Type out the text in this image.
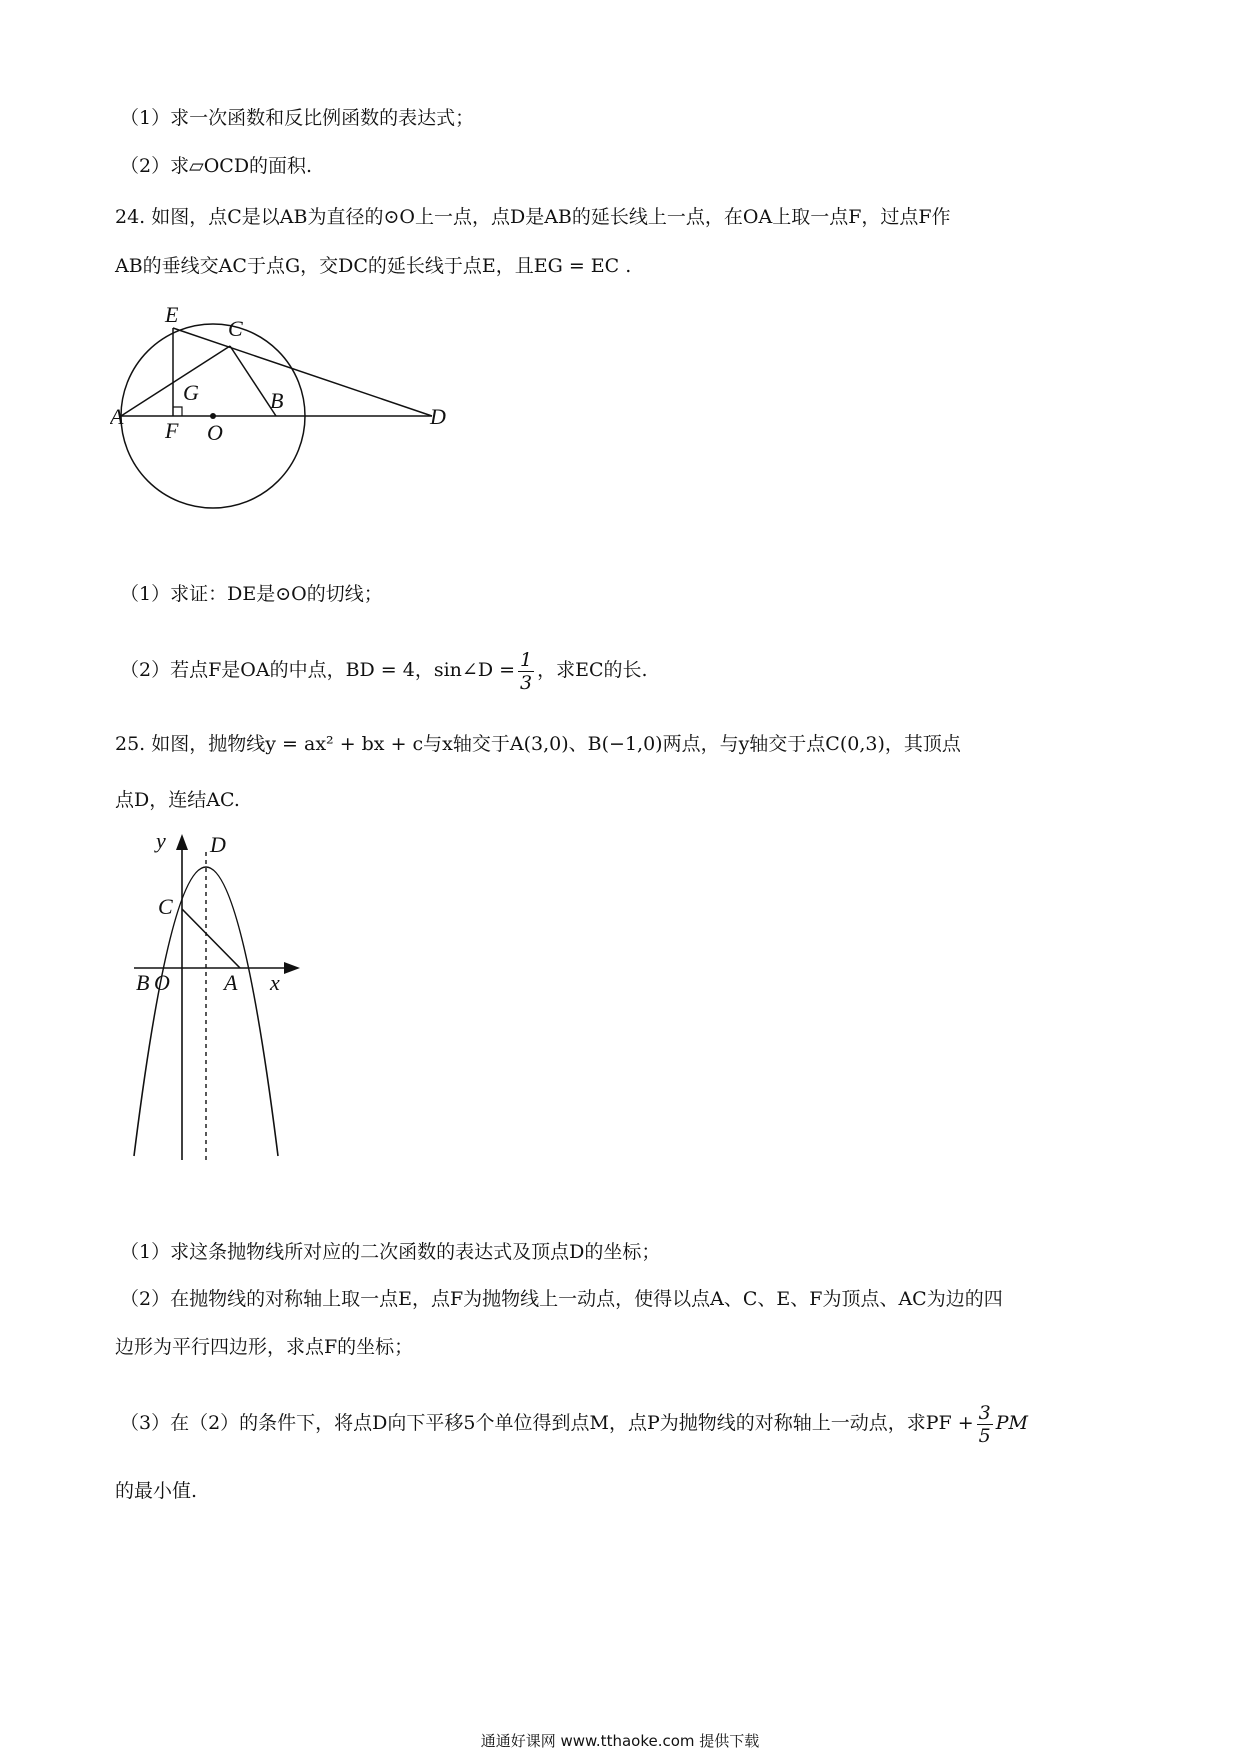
（1）求一次函数和反比例函数的表达式；
（2）求▱OCD的面积.
24. 如图，点C是以AB为直径的⊙O上一点，点D是AB的延长线上一点，在OA上取一点F，过点F作
AB的垂线交AC于点G，交DC的延长线于点E，且EG = EC .
E
C
G	B
A
F O
D
（1）求证：DE是⊙O的切线；
（2）若点F是OA的中点，BD = 4，sin∠D = $\frac{1}{3}$ ，求EC的长.
25. 如图，抛物线y = ax² + bx + c与x轴交于A(3,0)、B(−1,0)两点，与y轴交于点C(0,3)，其顶点
点D，连结AC.
y D
C
B O A x
（1）求这条抛物线所对应的二次函数的表达式及顶点D的坐标；
（2）在抛物线的对称轴上取一点E，点F为抛物线上一动点，使得以点A、C、E、F为顶点、AC为边的四
边形为平行四边形，求点F的坐标；
（3）在（2）的条件下，将点D向下平移5个单位得到点M，点P为抛物线的对称轴上一动点，求PF + $\frac{3}{5}$ PM
的最小值.
通通好课网 www.tthaoke.com 提供下载
